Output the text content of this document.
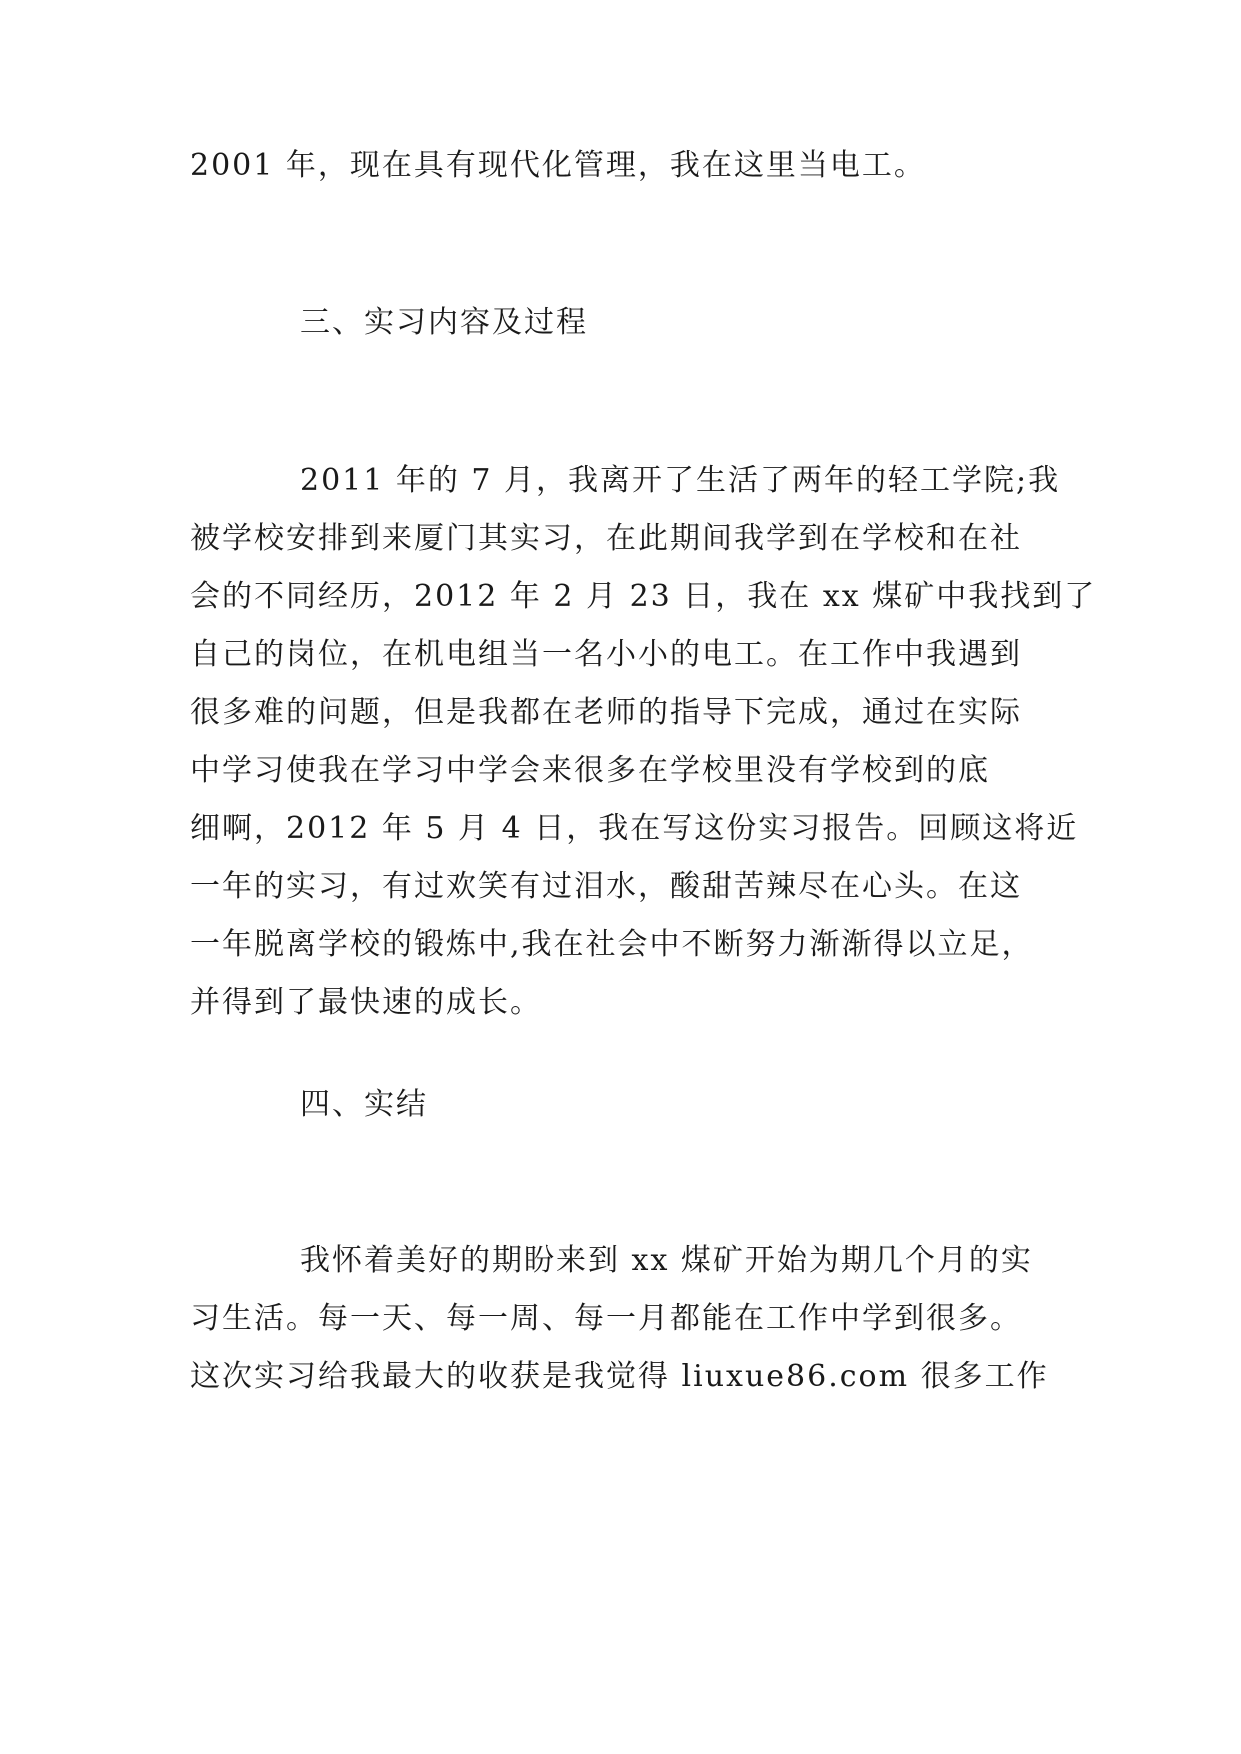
2001 年，现在具有现代化管理，我在这里当电工。
三、实习内容及过程
2011 年的 7 月，我离开了生活了两年的轻工学院;我
被学校安排到来厦门其实习，在此期间我学到在学校和在社
会的不同经历，2012 年 2 月 23 日，我在 xx 煤矿中我找到了
自己的岗位，在机电组当一名小小的电工。在工作中我遇到
很多难的问题，但是我都在老师的指导下完成，通过在实际
中学习使我在学习中学会来很多在学校里没有学校到的底
细啊，2012 年 5 月 4 日，我在写这份实习报告。回顾这将近
一年的实习，有过欢笑有过泪水，酸甜苦辣尽在心头。在这
一年脱离学校的锻炼中,我在社会中不断努力渐渐得以立足，
并得到了最快速的成长。
四、实结
我怀着美好的期盼来到 xx 煤矿开始为期几个月的实
习生活。每一天、每一周、每一月都能在工作中学到很多。
这次实习给我最大的收获是我觉得 liuxue86.com 很多工作
